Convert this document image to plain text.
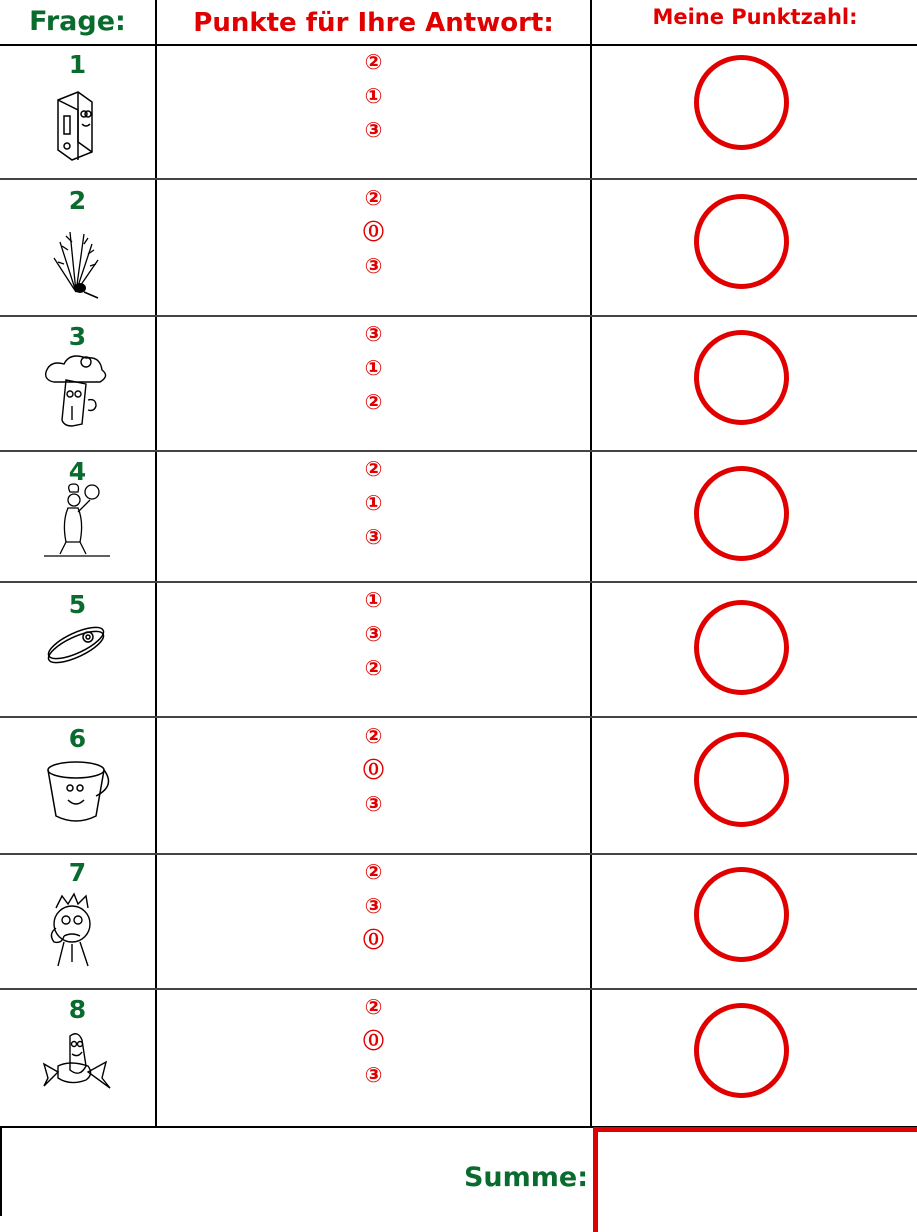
Frage:	Punkte für Ihre Antwort:	Meine Punktzahl:
1	②
①
③
2	②
⓪
③
3	③
①
②
4	②
①
③
5	①
③
②
6	②
⓪
③
7	②
③
⓪
8	②
⓪
③
Summe:
